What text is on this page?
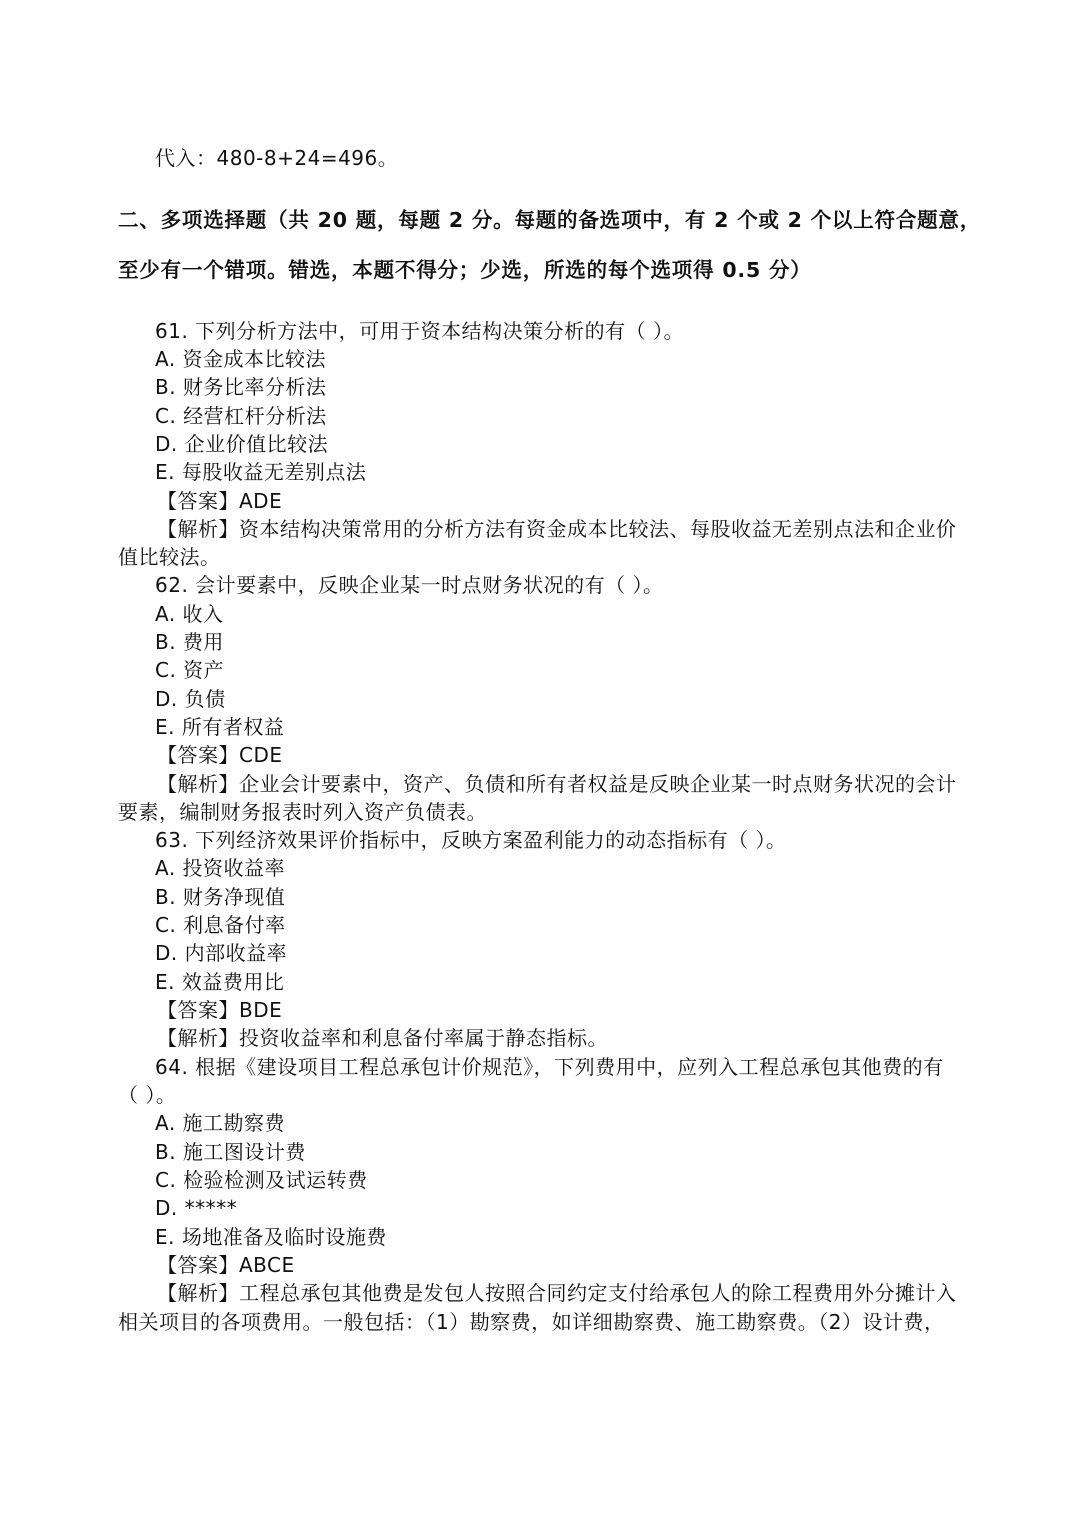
代入：480-8+24=496。
二、多项选择题（共 20 题，每题 2 分。每题的备选项中，有 2 个或 2 个以上符合题意，
至少有一个错项。错选，本题不得分；少选，所选的每个选项得 0.5 分）
61. 下列分析方法中，可用于资本结构决策分析的有（ ）。
A. 资金成本比较法
B. 财务比率分析法
C. 经营杠杆分析法
D. 企业价值比较法
E. 每股收益无差别点法
【答案】ADE
【解析】资本结构决策常用的分析方法有资金成本比较法、每股收益无差别点法和企业价
值比较法。
62. 会计要素中，反映企业某一时点财务状况的有（ ）。
A. 收入
B. 费用
C. 资产
D. 负债
E. 所有者权益
【答案】CDE
【解析】企业会计要素中，资产、负债和所有者权益是反映企业某一时点财务状况的会计
要素，编制财务报表时列入资产负债表。
63. 下列经济效果评价指标中，反映方案盈利能力的动态指标有（ ）。
A. 投资收益率
B. 财务净现值
C. 利息备付率
D. 内部收益率
E. 效益费用比
【答案】BDE
【解析】投资收益率和利息备付率属于静态指标。
64. 根据《建设项目工程总承包计价规范》，下列费用中，应列入工程总承包其他费的有
（ ）。
A. 施工勘察费
B. 施工图设计费
C. 检验检测及试运转费
D. *****
E. 场地准备及临时设施费
【答案】ABCE
【解析】工程总承包其他费是发包人按照合同约定支付给承包人的除工程费用外分摊计入
相关项目的各项费用。一般包括：（1）勘察费，如详细勘察费、施工勘察费。（2）设计费，
